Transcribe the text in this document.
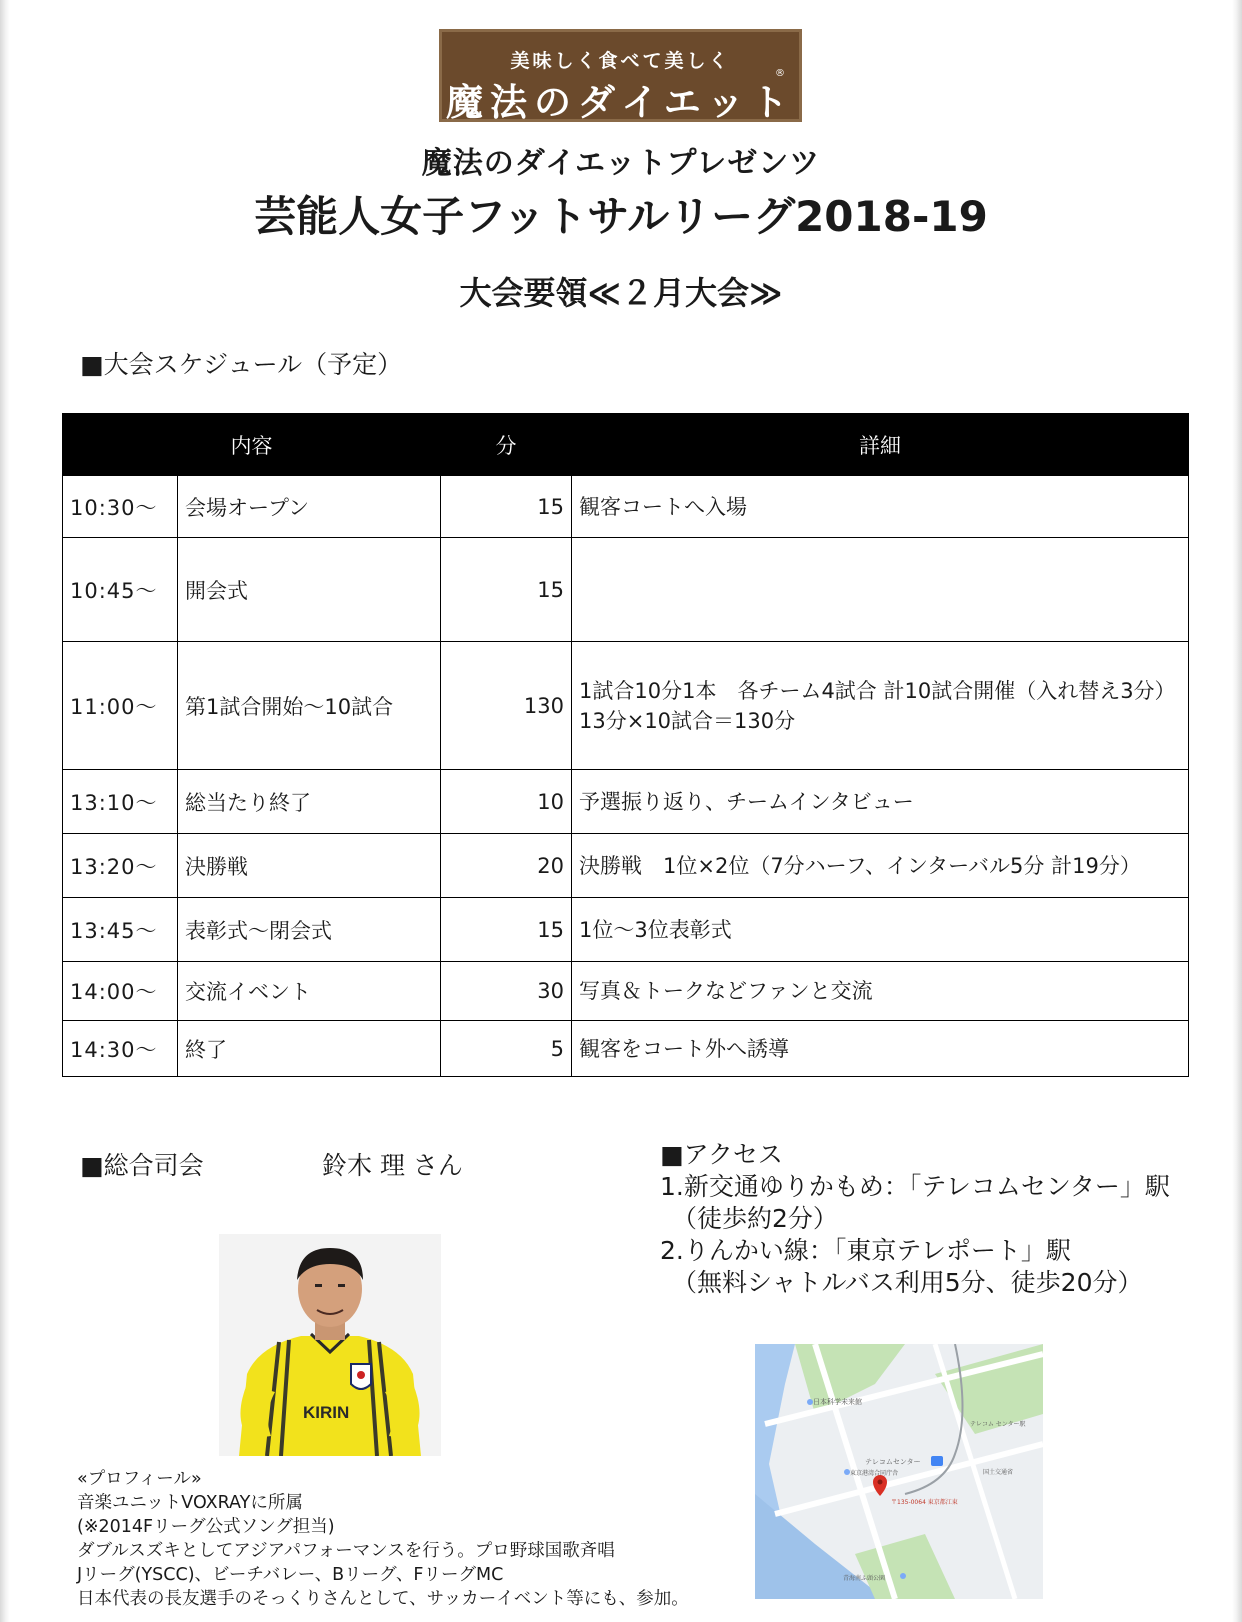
美味しく食べて美しく
魔法のダイエット
®
魔法のダイエットプレゼンツ
芸能人女子フットサルリーグ2018-19
大会要領≪２月大会≫
■大会スケジュール（予定）
内容		分	詳細
10:30〜	会場オープン	15	観客コートへ入場
10:45〜	開会式	15	
11:00〜	第1試合開始〜10試合	130	1試合10分1本　各チーム4試合 計10試合開催（入れ替え3分）13分×10試合＝130分
13:10〜	総当たり終了	10	予選振り返り、チームインタビュー
13:20〜	決勝戦	20	決勝戦　1位×2位（7分ハーフ、インターバル5分 計19分）
13:45〜	表彰式〜閉会式	15	1位〜3位表彰式
14:00〜	交流イベント	30	写真＆トークなどファンと交流
14:30〜	終了	5	観客をコート外へ誘導
■総合司会	鈴木 理 さん
KIRIN
«プロフィール»
音楽ユニットVOXRAYに所属
(※2014Fリーグ公式ソング担当)
ダブルスズキとしてアジアパフォーマンスを行う。プロ野球国歌斉唱
Jリーグ(YSCC)、ビーチバレー、Bリーグ、FリーグMC
日本代表の長友選手のそっくりさんとして、サッカーイベント等にも、参加。
■アクセス
1.新交通ゆりかもめ：「テレコムセンター」駅
（徒歩約2分）
2.りんかい線：「東京テレポート」駅
（無料シャトルバス利用5分、徒歩20分）
日本科学未来館
テレコムセンター
東京港湾合同庁舎
〒135-0064 東京都江東
国土交通省
テレコム センター駅
青海南ふ頭公園
